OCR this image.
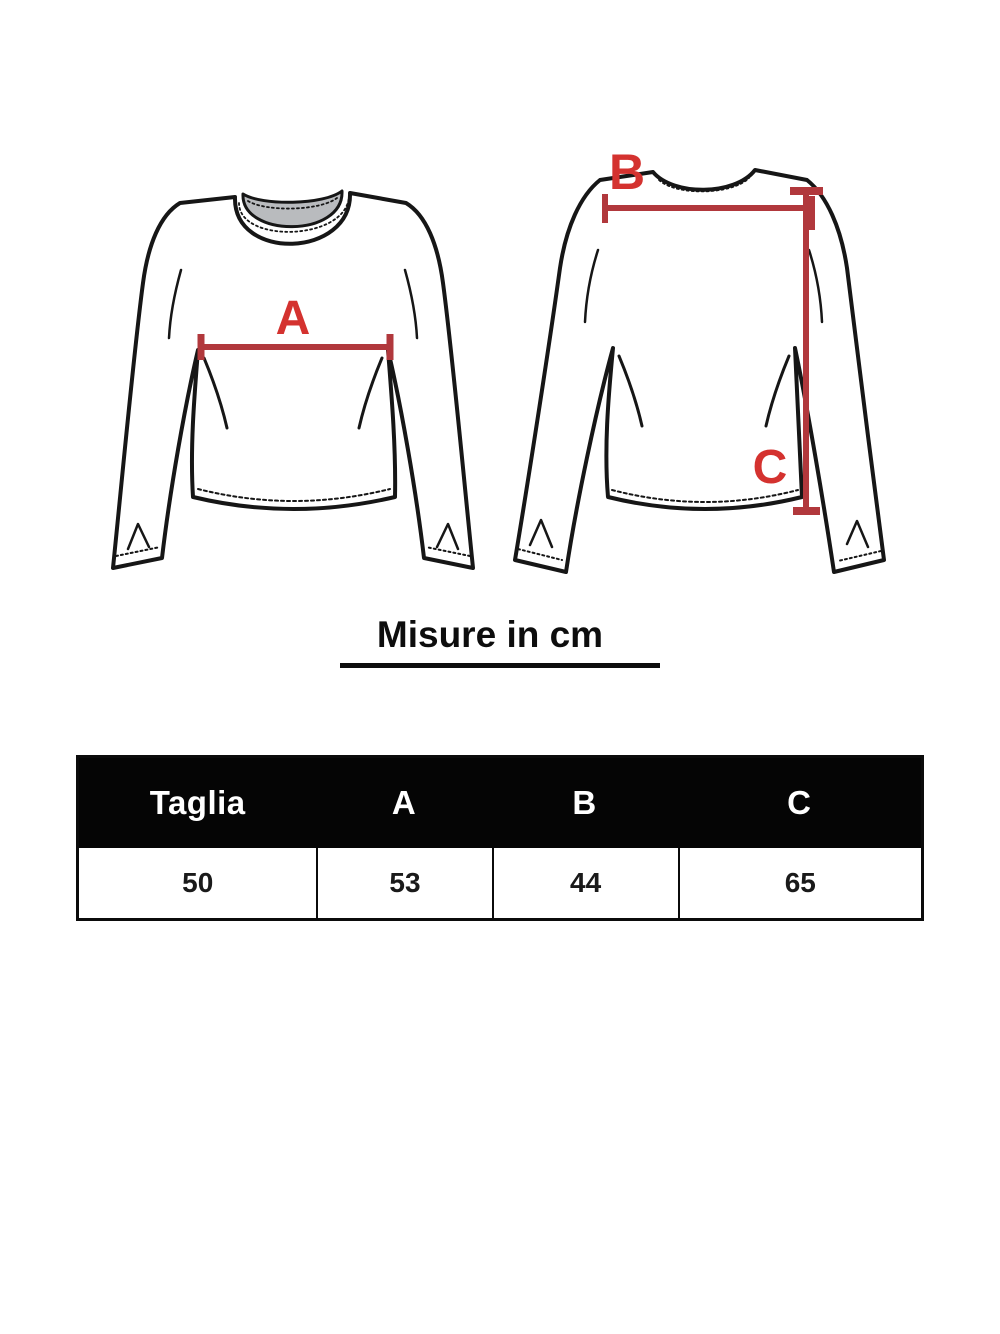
A
B
C
Misure in cm
Taglia	A	B	C
50	53	44	65
